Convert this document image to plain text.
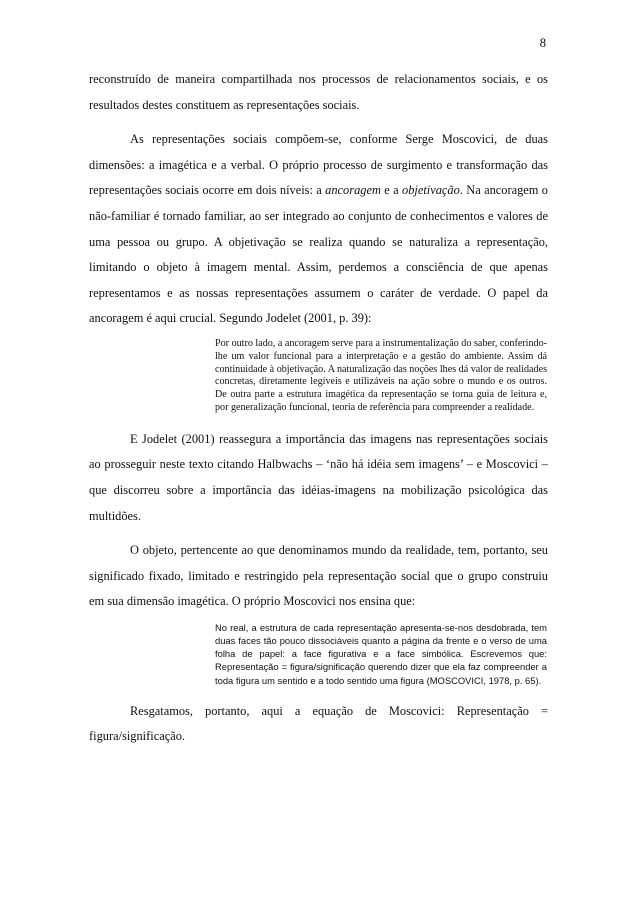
8

reconstruído de maneira compartilhada nos processos de relacionamentos sociais, e os resultados destes constituem as representações sociais.

As representações sociais compõem-se, conforme Serge Moscovici, de duas dimensões: a imagética e a verbal. O próprio processo de surgimento e transformação das representações sociais ocorre em dois níveis: a ancoragem e a objetivação. Na ancoragem o não-familiar é tornado familiar, ao ser integrado ao conjunto de conhecimentos e valores de uma pessoa ou grupo. A objetivação se realiza quando se naturaliza a representação, limitando o objeto à imagem mental. Assim, perdemos a consciência de que apenas representamos e as nossas representações assumem o caráter de verdade. O papel da ancoragem é aqui crucial. Segundo Jodelet (2001, p. 39):

Por outro lado, a ancoragem serve para a instrumentalização do saber, conferindo-lhe um valor funcional para a interpretação e a gestão do ambiente. Assim dá continuidade à objetivação. A naturalização das noções lhes dá valor de realidades concretas, diretamente legíveis e utilizáveis na ação sobre o mundo e os outros. De outra parte a estrutura imagética da representação se torna guia de leitura e, por generalização funcional, teoria de referência para compreender a realidade.

E Jodelet (2001) reassegura a importância das imagens nas representações sociais ao prosseguir neste texto citando Halbwachs – ‘não há idéia sem imagens’ – e Moscovici – que discorreu sobre a importância das idéias-imagens na mobilização psicológica das multidões.

O objeto, pertencente ao que denominamos mundo da realidade, tem, portanto, seu significado fixado, limitado e restringido pela representação social que o grupo construiu em sua dimensão imagética. O próprio Moscovici nos ensina que:

No real, a estrutura de cada representação apresenta-se-nos desdobrada, tem duas faces tão pouco dissociáveis quanto a página da frente e o verso de uma folha de papel: a face figurativa e a face simbólica. Escrevemos que: Representação = figura/significação querendo dizer que ela faz compreender a toda figura um sentido e a todo sentido uma figura (MOSCOVICI, 1978, p. 65).

Resgatamos, portanto, aqui a equação de Moscovici: Representação = figura/significação.
